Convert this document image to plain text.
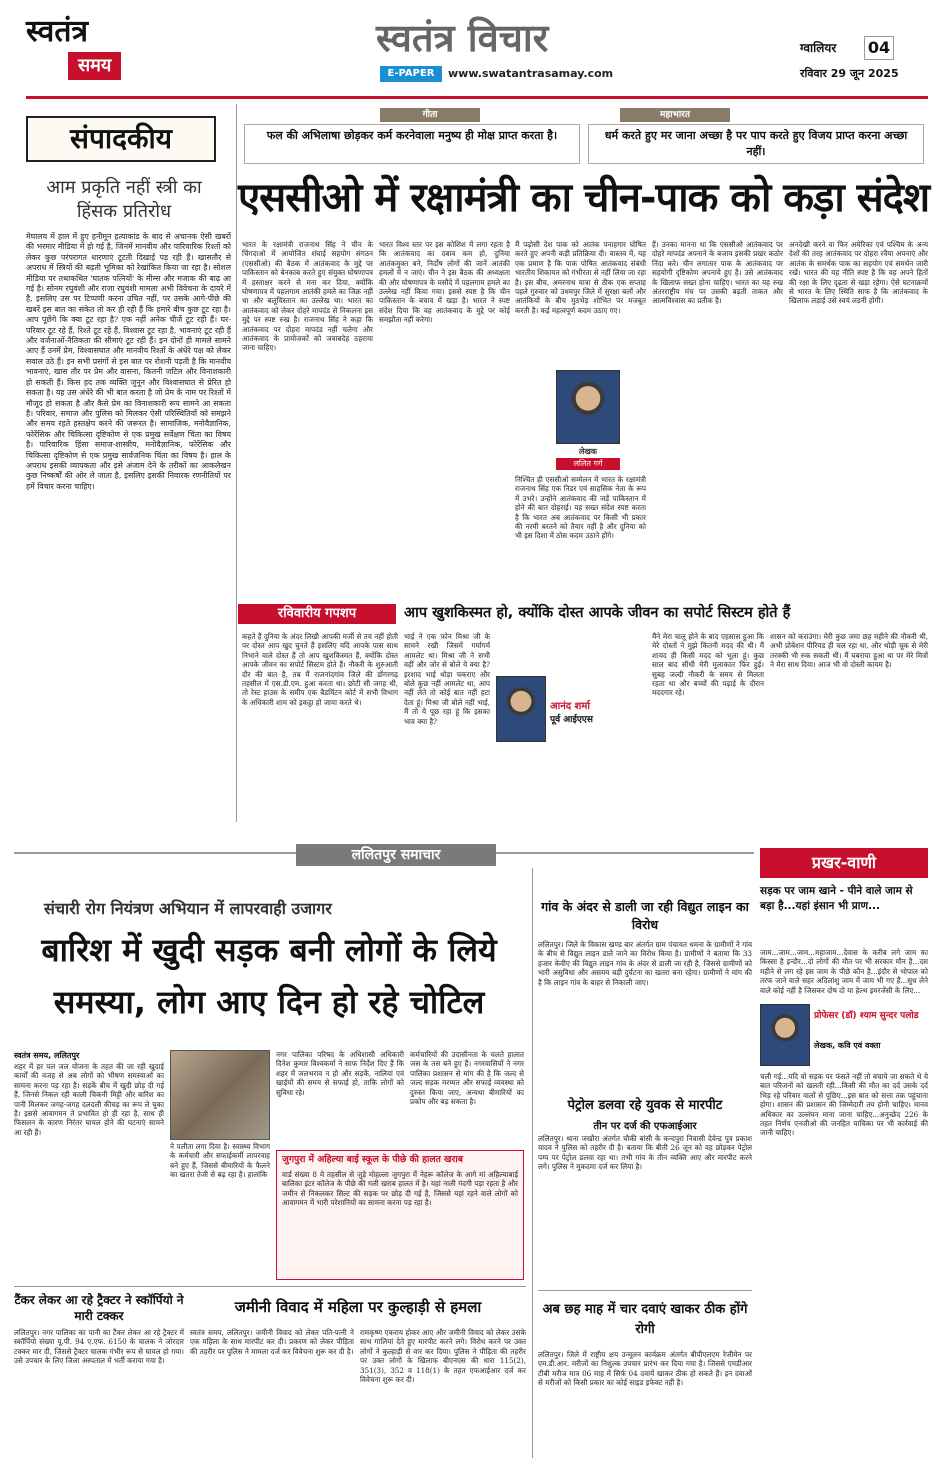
स्वतंत्र
समय
स्वतंत्र विचार
E-PAPER	www.swatantrasamay.com
ग्वालियर 04
रविवार 29 जून 2025
संपादकीय
आम प्रकृति नहीं स्त्री का हिंसक प्रतिरोध
मेघालय में हाल में हुए हनीमून हत्याकांड के बाद से अचानक ऐसी खबरों की भरमार मीडिया में हो गई है, जिनमें मानवीय और पारिवारिक रिश्तों को लेकर कुछ परंपरागत धारणाएं टूटती दिखाई पड़ रही हैं। खासतौर से अपराध में स्त्रियों की बढ़ती भूमिका को रेखांकित किया जा रहा है। सोशल मीडिया पर तथाकथित 'घातक पत्नियों' के मीम्स और मजाक की बाढ़ आ गई है। सोनम रघुवंशी और राजा रघुवंशी मामला अभी विवेचना के दायरे में है, इसलिए उस पर टिप्पणी करना उचित नहीं, पर उसके आगे-पीछे की खबरें इस बात का संकेत तो कर ही रही हैं कि हमारे बीच कुछ टूट रहा है। आप पूछेंगे कि क्या टूट रहा है? एक नहीं अनेक चीजें टूट रही हैं। घर-परिवार टूट रहे हैं, रिश्ते टूट रहे हैं, विश्वास टूट रहा है, भावनाएं टूट रही हैं और वर्जनाओं-नैतिकता की सीमाएं टूट रही हैं। इन दोनों ही मामले सामने आए हैं उनमें प्रेम, विश्वासघात और मानवीय रिश्तों के अंधेरे पक्ष को लेकर सवाल उठे हैं। इन सभी प्रसंगों से इस बात पर रोशनी पड़ती है कि मानवीय भावनाएं, खास तौर पर प्रेम और वासना, कितनी जटिल और विनाशकारी हो सकती हैं। किस हद तक व्यक्ति जुनून और विश्वासघात से प्रेरित हो सकता है। यह उस अंधेरे की भी बात करता है जो प्रेम के नाम पर रिश्तों में मौजूद हो सकता है और कैसे प्रेम का विनाशकारी रूप सामने आ सकता है। परिवार, समाज और पुलिस को मिलकर ऐसी परिस्थितियों को समझने और समय रहते हस्तक्षेप करने की जरूरत है। सामाजिक, मनोवैज्ञानिक, फोरेंसिक और चिकित्सा दृष्टिकोण से एक प्रमुख सर्वेक्षण चिंता का विषय है। पारिवारिक हिंसा समाज-शास्त्रीय, मनोवैज्ञानिक, फोरेंसिक और चिकित्सा दृष्टिकोण से एक प्रमुख सार्वजनिक चिंता का विषय है। हाल के अपराध इसकी व्यापकता और इसे अंजाम देने के तरीकों का आकलेखन कुछ निष्कर्षों की ओर ले जाता है, इसलिए इसकी निवारक रणनीतियों पर हमें विचार करना चाहिए।
गीता
फल की अभिलाषा छोड़कर कर्म करनेवाला मनुष्य ही मोक्ष प्राप्त करता है।
महाभारत
धर्म करते हुए मर जाना अच्छा है पर पाप करते हुए विजय प्राप्त करना अच्छा नहीं।
एससीओ में रक्षामंत्री का चीन-पाक को कड़ा संदेश
भारत के रक्षामंत्री राजनाथ सिंह ने चीन के चिंगदाओ में आयोजित शंघाई सहयोग संगठन (एससीओ) की बैठक में आतंकवाद के मुद्दे पर पाकिस्तान को बेनकाब करते हुए संयुक्त घोषणापत्र में हस्ताक्षर करने से मना कर दिया, क्योंकि घोषणापत्र में पहलगाम आतंकी हमले का जिक्र नहीं था और बलूचिस्तान का उल्लेख था। भारत का आतंकवाद को लेकर दोहरे मापदंड से निकलना इस मुद्दे पर स्पष्ट रुख है। राजनाथ सिंह ने कहा कि आतंकवाद पर दोहरा मापदंड नहीं चलेगा और आतंकवाद के प्रायोजकों को जवाबदेह ठहराया जाना चाहिए।
भारत विश्व स्तर पर इस कोशिश में लगा रहता है कि आतंकवाद का दबाव कम हो, दुनिया आतंकमुक्त बने, निर्दोष लोगों की जानें आतंकी हमलों में न जाएं। चीन ने इस बैठक की अध्यक्षता की और घोषणापत्र के मसौदे में पहलगाम हमले का उल्लेख नहीं किया गया। इससे स्पष्ट है कि चीन पाकिस्तान के बचाव में खड़ा है। भारत ने स्पष्ट संदेश दिया कि वह आतंकवाद के मुद्दे पर कोई समझौता नहीं करेगा।
मैं पढ़ोसी देश पाक को आतंक पनाहगार घोषित करते हुए अपनी कड़ी प्रतिक्रिया दी। वास्तव में, यह एक प्रमाण है कि पाक पोषित आतंकवाद संबंधी भारतीय शिकायत को गंभीरता से नहीं लिया जा रहा है। इस बीच, अमरनाथ यात्रा से ठीक एक सप्ताह पहले गुरुवार को उधमपुर जिले में सुरक्षा बलों और आतंकियों के बीच मुठभेड़ शोभित पर मजबूत करती है। कई महत्वपूर्ण कदम उठाए गए।
लेखक
ललित गर्ग
निश्चित ही एससीओ सम्मेलन में भारत के रक्षामंत्री राजनाथ सिंह एक निडर एवं साहसिक नेता के रूप में उभरे। उन्होंने आतंकवाद की जड़ें पाकिस्तान में होने की बात दोहराई। यह सख्त संदेश स्पष्ट करता है कि भारत अब आतंकवाद पर किसी भी प्रकार की नरमी बरतने को तैयार नहीं है और दुनिया को भी इस दिशा में ठोस कदम उठाने होंगे।
हैं। उनका मानना था कि एससीओ आतंकवाद पर दोहरे मापदंड अपनाने के बजाय इसकी प्रखर कठोर निंदा करे। चीन लगातार पाक के आतंकवाद पर सहयोगी दृष्टिकोण अपनाये हुए है। उसे आतंकवाद के खिलाफ सख्त होना चाहिए। भारत का यह रुख अंतरराष्ट्रीय मंच पर उसकी बढ़ती ताकत और आत्मविश्वास का प्रतीक है।
अनदेखी करने वा फिर अमेरिका एवं पश्चिम के अन्य देशों की तरह आतंकवाद पर दोहरा रवैया अपनाएं और आतंक के समर्थक पाक का सहयोग एवं समर्थन जारी रखें। भारत की यह नीति स्पष्ट है कि वह अपने हितों की रक्षा के लिए दृढ़ता से खड़ा रहेगा। ऐसे घटनाक्रमों से भारत के लिए स्थिति साफ है कि आतंकवाद के खिलाफ लड़ाई उसे स्वयं लड़नी होगी।
रविवारीय गपशप	आप खुशकिस्मत हो, क्योंकि दोस्त आपके जीवन का सपोर्ट सिस्टम होते हैं
कहते हैं दुनिया के अंदर लिखी आपकी मर्जी से तय नहीं होती पर दोस्त आप खुद चुनते हैं इसलिए यदि आपके पास साथ निभाने वाले दोस्त हैं तो आप खुशकिस्मत हैं, क्योंकि दोस्त आपके जीवन का सपोर्ट सिस्टम होते हैं। नौकरी के शुरुआती दौर की बात है, तब मैं राजनांदगांव जिले की डोंगरगढ़ तहसील में एस.डी.एम. हुआ करता था। छोटी सी जगह थी, तो रेस्ट हाउस के समीप एक बैडमिंटन कोर्ट में सभी विभाग के अधिकारी शाम को इकट्ठा हो जाया करते थे।
भाई ने एक फोन मिश्रा जी के सामने रखी जिसमें गर्मागर्म आमलेट था। मिश्रा जी ने सभी वहीं और जोर से बोले ये क्या है? इरशाद भाई थोड़ा चकराए और बोले कुछ नहीं आमलेट था, आप नहीं लेते तो कोई बात नहीं हटा देता हूं। मिश्रा जी बोले नहीं भाई, मैं तो ये पूछ रहा हूं कि इसका भाव क्या है?
आनंद शर्मा
पूर्व आईएएस
मैंने मेरा चालू होने के बाद एहसास हुआ कि मेरे दोस्तों ने मुझे कितनी मदद की थी। मैं शायद ही किसी मदद को भूला हूं। कुछ साल बाद सीधी मेरी मुलाकात फिर हुई। सुबह जल्दी नौकरी के समय से मिलता रहता था और बच्चों की पढ़ाई के दौरान मददगार रहे।
शासन को कराउंगा। मेरी कुछ जमा छह महीने की नौकरी थी, अभी प्रोबेशन पीरियड ही चल रहा था, और थोड़ी चूक से मेरी तरक्की भी रुक सकती थी। मैं घबराया हुआ था पर मेरे मित्रों ने मेरा साथ दिया। आज भी वो दोस्ती कायम है।
ललितपुर समाचार
संचारी रोग नियंत्रण अभियान में लापरवाही उजागर
बारिश में खुदी सड़क बनी लोगों के लिये समस्या, लोग आए दिन हो रहे चोटिल
स्वतंत्र समय, ललितपुर
शहर में हर पल जल योजना के तहत की जा रही खुदाई कार्यों की वजह से अब लोगों को भीषण समस्याओं का सामना करना पड़ रहा है। सड़कें बीच में खुदी छोड़ दी गई हैं, जिनसे निकल रही काली चिकनी मिट्टी और बारिश का पानी मिलकर जगह-जगह दलदली कीचड़ का रूप ले चुका है। इससे आवागमन ते प्रभावित हो ही रहा है, साथ ही फिसलन के कारण निरंतर घायल होने की घटनाएं सामने आ रही हैं।
ने पलीता लगा दिया है। स्वास्थ्य विभाग के कर्मचारी और सफाईकर्मी लापरवाह बने हुए हैं, जिससे बीमारियों के फैलने का खतरा तेजी से बढ़ रहा है। हालांकि
नगर पालिका परिषद के अधिशासी अधिकारी दिनेश कुमार विश्वकर्मा ने साफ निर्देश दिए हैं कि शहर में जलभराव न हो और सड़कें, नालियां एवं खाईयों की समय से सफाई हो, ताकि लोगों को सुविधा रहे।
कर्मचारियों की उदासीनता के चलते हालात जस के तस बने हुए हैं। नगरवासियों ने नगर पालिका प्रशासन से मांग की है कि जल्द से जल्द सड़क मरम्मत और सफाई व्यवस्था को दुरुस्त किया जाए, अन्यथा बीमारियों का प्रकोप और बढ़ सकता है।
जुगपुरा में अहिल्या बाई स्कूल के पीछे की हालत खराब
वार्ड संख्या 8 मे तहसील से जुड़े मोहल्ला जुगपुरा में नेहरू कॉलेज के आगे मां अहिल्याबाई बालिका इंटर कॉलेज के पीछे की गली खराब हालत में है। यहां नाली गंदगी पड़ा रहता है और जमीन से निकलकर सिल्ट की सड़क पर छोड़ दी गई है, जिससे यहां रहने वाले लोगों को आवागमन में भारी परेशानियों का सामना करना पड़ रहा है।
टैंकर लेकर आ रहे ट्रैक्टर ने स्कॉर्पियो ने मारी टक्कर
ललितपुर। नगर पालिका का पानी का टैंकर लेकर आ रहे ट्रैक्टर में स्कॉर्पियो संख्या यू.पी. 94 ए.एफ. 6150 के चालक ने जोरदार टक्कर मार दी, जिससे ट्रैक्टर चालक गंभीर रूप से घायल हो गया। उसे उपचार के लिए जिला अस्पताल में भर्ती कराया गया है।
जमीनी विवाद में महिला पर कुल्हाड़ी से हमला
स्वतंत्र समय, ललितपुर। जमीनी विवाद को लेकर पति-पत्नी ने एक महिला के साथ मारपीट कर दी। प्रकरण को लेकर पीड़िता की तहरीर पर पुलिस ने मामला दर्ज कर विवेचना शुरू कर दी है।
रामकृष्ण एकराय होकर आए और जमीनी विवाद को लेकर उसके साथ गालियां देते हुए मारपीट करने लगे। विरोध करने पर उक्त लोगों ने कुल्हाड़ी से वार कर दिया। पुलिस ने पीड़िता की तहरीर पर उक्त लोगों के खिलाफ बीएनएस की धारा 115(2), 351(3), 352 व 118(1) के तहत एफआईआर दर्ज कर विवेचना शुरू कर दी।
गांव के अंदर से डाली जा रही विद्युत लाइन का विरोध
ललितपुर। जिले के विकास खण्ड बार अंतर्गत ग्राम पंचायत धमना के ग्रामीणों ने गांव के बीच से विद्युत लाइन डाले जाने का विरोध किया है। ग्रामीणों ने बताया कि 33 हजार केवीए की विद्युत लाइन गांव के अंदर से डाली जा रही है, जिससे ग्रामीणों को भारी असुविधा और असमय बड़ी दुर्घटना का खतरा बना रहेगा। ग्रामीणों ने मांग की है कि लाइन गांव के बाहर से निकाली जाए।
पेट्रोल डलवा रहे युवक से मारपीट
तीन पर दर्ज की एफआईआर
ललितपुर। थाना जखौरा अंतर्गत चौकी बांसी के कन्दपुरा निवासी देवेन्द्र पुत्र प्रकाश यादव ने पुलिस को तहरीर दी है। बताया कि बीती 26 जून को वह छोड़कर पेट्रोल पम्प पर पेट्रोल डलवा रहा था। तभी गांव के तीन व्यक्ति आए और मारपीट करने लगे। पुलिस ने मुकदमा दर्ज कर लिया है।
अब छह माह में चार दवाएं खाकर ठीक होंगे रोगी
ललितपुर। जिले में राष्ट्रीय क्षय उन्मूलन कार्यक्रम अंतर्गत बीपीएलएम रेजीमेन पर एम.डी.आर. मरीजों का निशुल्क उपचार प्रारंभ कर दिया गया है। जिससे एमडीआर टीबी मरीज मात्र 06 माह में सिर्फ 04 दवायें खाकर ठीक हो सकते हैं। इन दवाओं से मरीजों को किसी प्रकार का कोई साइड इफेक्ट नहीं है।
प्रखर-वाणी
सड़क पर जाम खाने - पीने वाले जाम से बड़ा है...यहां इंसान भी प्राण...
जाम...जाम...जाम...महाजाम...देवास के करीब लगे जाम का किस्सा है इन्दौर...दो लोगों की मौत पर भी सरकार मौन है...दस महीने से लग रहे इस जाम के पीछे कौन है...इंदौर से भोपाल को तरफ जाने वाले सहर अदिलांशु जाम में जाम भी गए हैं...सुध लेने वाले कोई नहीं है जिसकर दोष दो या हेल्थ इमरजेंसी के लिए...
प्रोफेसर (डॉ) श्याम सुन्दर पलोड
लेखक, कवि एवं वक्ता
चली गई...यदि वो सड़क पर फंसते नहीं तो बचाये जा सकते थे ये बात परिजनों को खलती रही...किसी की मौत का दर्द उसके दर्द भिड़ रहे परिवार वालों से पूछिए...इस बात को सत्ता तक पहुंचाना होगा। शासन की प्रशासन की जिम्मेदारी तय होनी चाहिए। मानव अधिकार का उल्लंघन माना जाना चाहिए...अनुच्छेद 226 के तहत निर्णय एनजीओ की जनहित याचिका पर भी कार्रवाई की जानी चाहिए।
